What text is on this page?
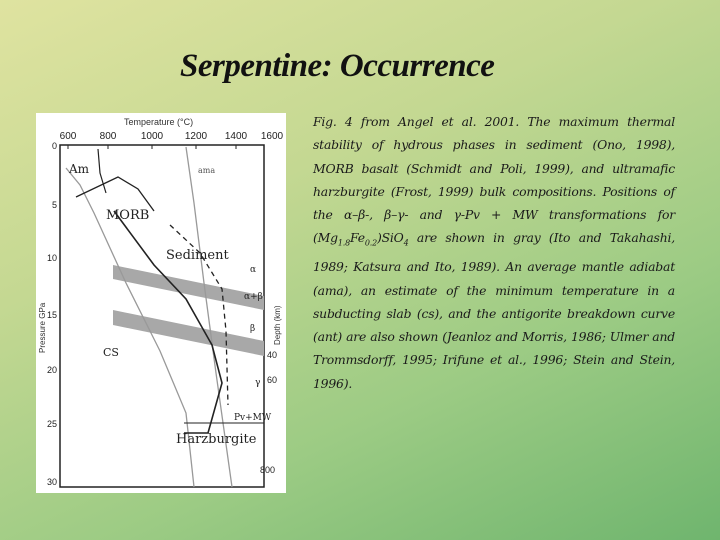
Serpentine: Occurrence
Temperature (°C)
600 800 1000 1200 1400 1600
0
5
10
15
20
25
30
Pressure GPa	Depth (km)
40
60
800
Am	ama
MORB
Sediment
α
α+β
β
γ
CS
Pv+MW
Harzburgite
Fig. 4 from Angel et al. 2001. The maximum thermal stability of hydrous phases in sediment (Ono, 1998), MORB basalt (Schmidt and Poli, 1999), and ultramafic harzburgite (Frost, 1999) bulk compositions. Positions of the α–β-, β–γ- and γ-Pv + MW transformations for $(Mg_{1.8}Fe_{0.2})SiO_4$ are shown in gray (Ito and Takahashi, 1989; Katsura and Ito, 1989). An average mantle adiabat (ama), an estimate of the minimum temperature in a subducting slab (cs), and the antigorite breakdown curve (ant) are also shown (Jeanloz and Morris, 1986; Ulmer and Trommsdorff, 1995; Irifune et al., 1996; Stein and Stein, 1996).
